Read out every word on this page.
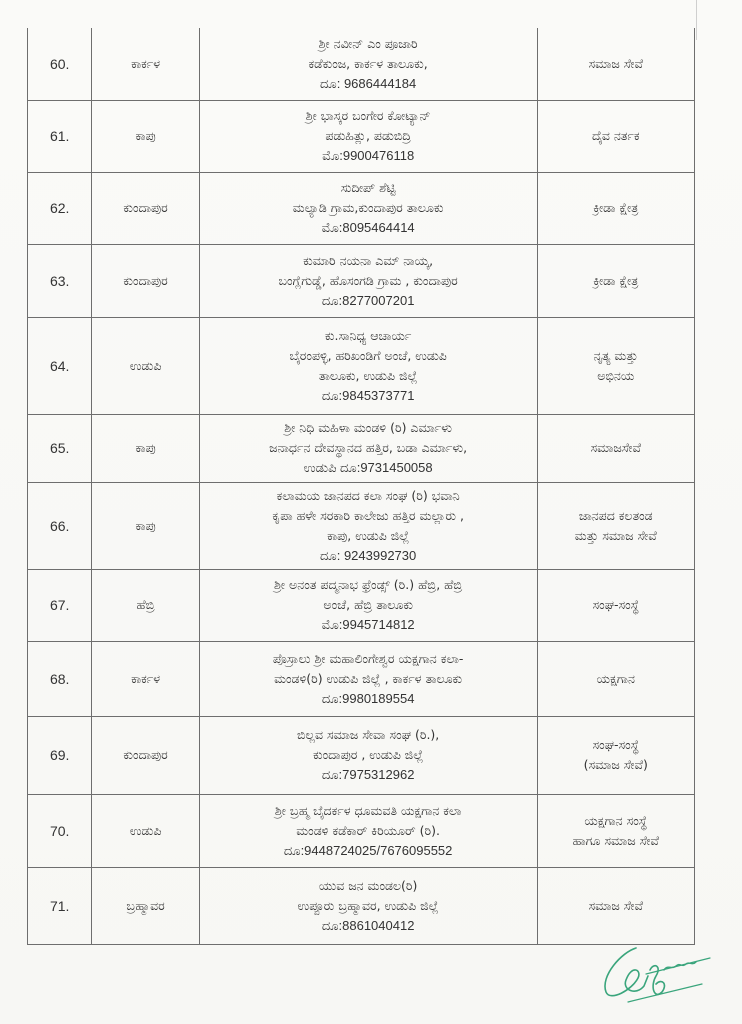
60.	ಕಾರ್ಕಳ	ಶ್ರೀ ನವೀನ್ ಎಂ ಪೂಜಾರಿ
ಕಡೆಕುಂಜ, ಕಾರ್ಕಳ ತಾಲೂಕು,
ದೂ: 9686444184	ಸಮಾಜ ಸೇವೆ

61.	ಕಾಪು	ಶ್ರೀ ಭಾಸ್ಕರ ಬಂಗೇರ ಕೋಟ್ಯಾನ್
ಪಡುಹಿತ್ಲು, ಪಡುಬಿದ್ರಿ
ಮೊ:9900476118	ದೈವ ನರ್ತಕ

62.	ಕುಂದಾಪುರ	ಸುದೀಪ್ ಶೆಟ್ಟಿ
ಮಲ್ಯಾಡಿ ಗ್ರಾಮ,ಕುಂದಾಪುರ ತಾಲೂಕು
ಮೊ:8095464414	ಕ್ರೀಡಾ ಕ್ಷೇತ್ರ

63.	ಕುಂದಾಪುರ	ಕುಮಾರಿ ನಯನಾ ಎಮ್ ನಾಯ್ಕ,
ಬಂಗ್ಲೆಗುಡ್ಡೆ, ಹೊಸಂಗಡಿ ಗ್ರಾಮ , ಕುಂದಾಪುರ
ದೂ:8277007201	ಕ್ರೀಡಾ ಕ್ಷೇತ್ರ

64.	ಉಡುಪಿ	ಕು.ಸಾನಿಧ್ಯ ಆಚಾರ್ಯ
ಬೈರಂಪಳ್ಳಿ, ಹರಿಖಂಡಿಗೆ ಅಂಚೆ, ಉಡುಪಿ
ತಾಲೂಕು, ಉಡುಪಿ ಜಿಲ್ಲೆ
ದೂ:9845373771	ನೃತ್ಯ ಮತ್ತು
ಅಭಿನಯ

65.	ಕಾಪು	ಶ್ರೀ ನಿಧಿ ಮಹಿಳಾ ಮಂಡಳಿ (ರಿ) ಎರ್ಮಾಳು
ಜನಾರ್ಧನ ದೇವಸ್ಥಾನದ ಹತ್ತಿರ, ಬಡಾ ಎರ್ಮಾಳು,
ಉಡುಪಿ ದೂ:9731450058	ಸಮಾಜಸೇವೆ

66.	ಕಾಪು	ಕಲಾಮಯ ಜಾನಪದ ಕಲಾ ಸಂಘ (ರಿ) ಭವಾನಿ
ಕೃಪಾ ಹಳೇ ಸರಕಾರಿ ಕಾಲೇಜು ಹತ್ತಿರ ಮಲ್ಲಾರು ,
ಕಾಪು, ಉಡುಪಿ ಜಿಲ್ಲೆ
ದೂ: 9243992730	ಜಾನಪದ ಕಲತಂಡ
ಮತ್ತು ಸಮಾಜ ಸೇವೆ

67.	ಹೆಬ್ರಿ	ಶ್ರೀ ಅನಂತ ಪದ್ಮನಾಭ ಫ್ರೆಂಡ್ಸ್ (ರಿ.) ಹೆಬ್ರಿ, ಹೆಬ್ರಿ
ಅಂಚೆ, ಹೆಬ್ರಿ ತಾಲೂಕು
ಮೊ:9945714812	ಸಂಘ-ಸಂಸ್ಥೆ

68.	ಕಾರ್ಕಳ	ಪೊಸ್ರಾಲು ಶ್ರೀ ಮಹಾಲಿಂಗೇಶ್ವರ ಯಕ್ಷಗಾನ ಕಲಾ-
ಮಂಡಳಿ(ರಿ) ಉಡುಪಿ ಜಿಲ್ಲೆ , ಕಾರ್ಕಳ ತಾಲೂಕು
ದೂ:9980189554	ಯಕ್ಷಗಾನ

69.	ಕುಂದಾಪುರ	ಬಿಲ್ಲವ ಸಮಾಜ ಸೇವಾ ಸಂಘ (ರಿ.),
ಕುಂದಾಪುರ , ಉಡುಪಿ ಜಿಲ್ಲೆ
ದೂ:7975312962	ಸಂಘ-ಸಂಸ್ಥೆ
(ಸಮಾಜ ಸೇವೆ)

70.	ಉಡುಪಿ	ಶ್ರೀ ಬ್ರಹ್ಮ ಬೈದರ್ಕಳ ಧೂಮವತಿ ಯಕ್ಷಗಾನ ಕಲಾ
ಮಂಡಳಿ ಕಡೆಕಾರ್ ಕಿರಿಯೂರ್ (ರಿ).
ದೂ:9448724025/7676095552	ಯಕ್ಷಗಾನ ಸಂಸ್ಥೆ
ಹಾಗೂ ಸಮಾಜ ಸೇವೆ

71.	ಬ್ರಹ್ಮಾವರ	ಯುವ ಜನ ಮಂಡಲ(ರಿ)
ಉಪ್ಪೂರು ಬ್ರಹ್ಮಾವರ, ಉಡುಪಿ ಜಿಲ್ಲೆ
ದೂ:8861040412	ಸಮಾಜ ಸೇವೆ
